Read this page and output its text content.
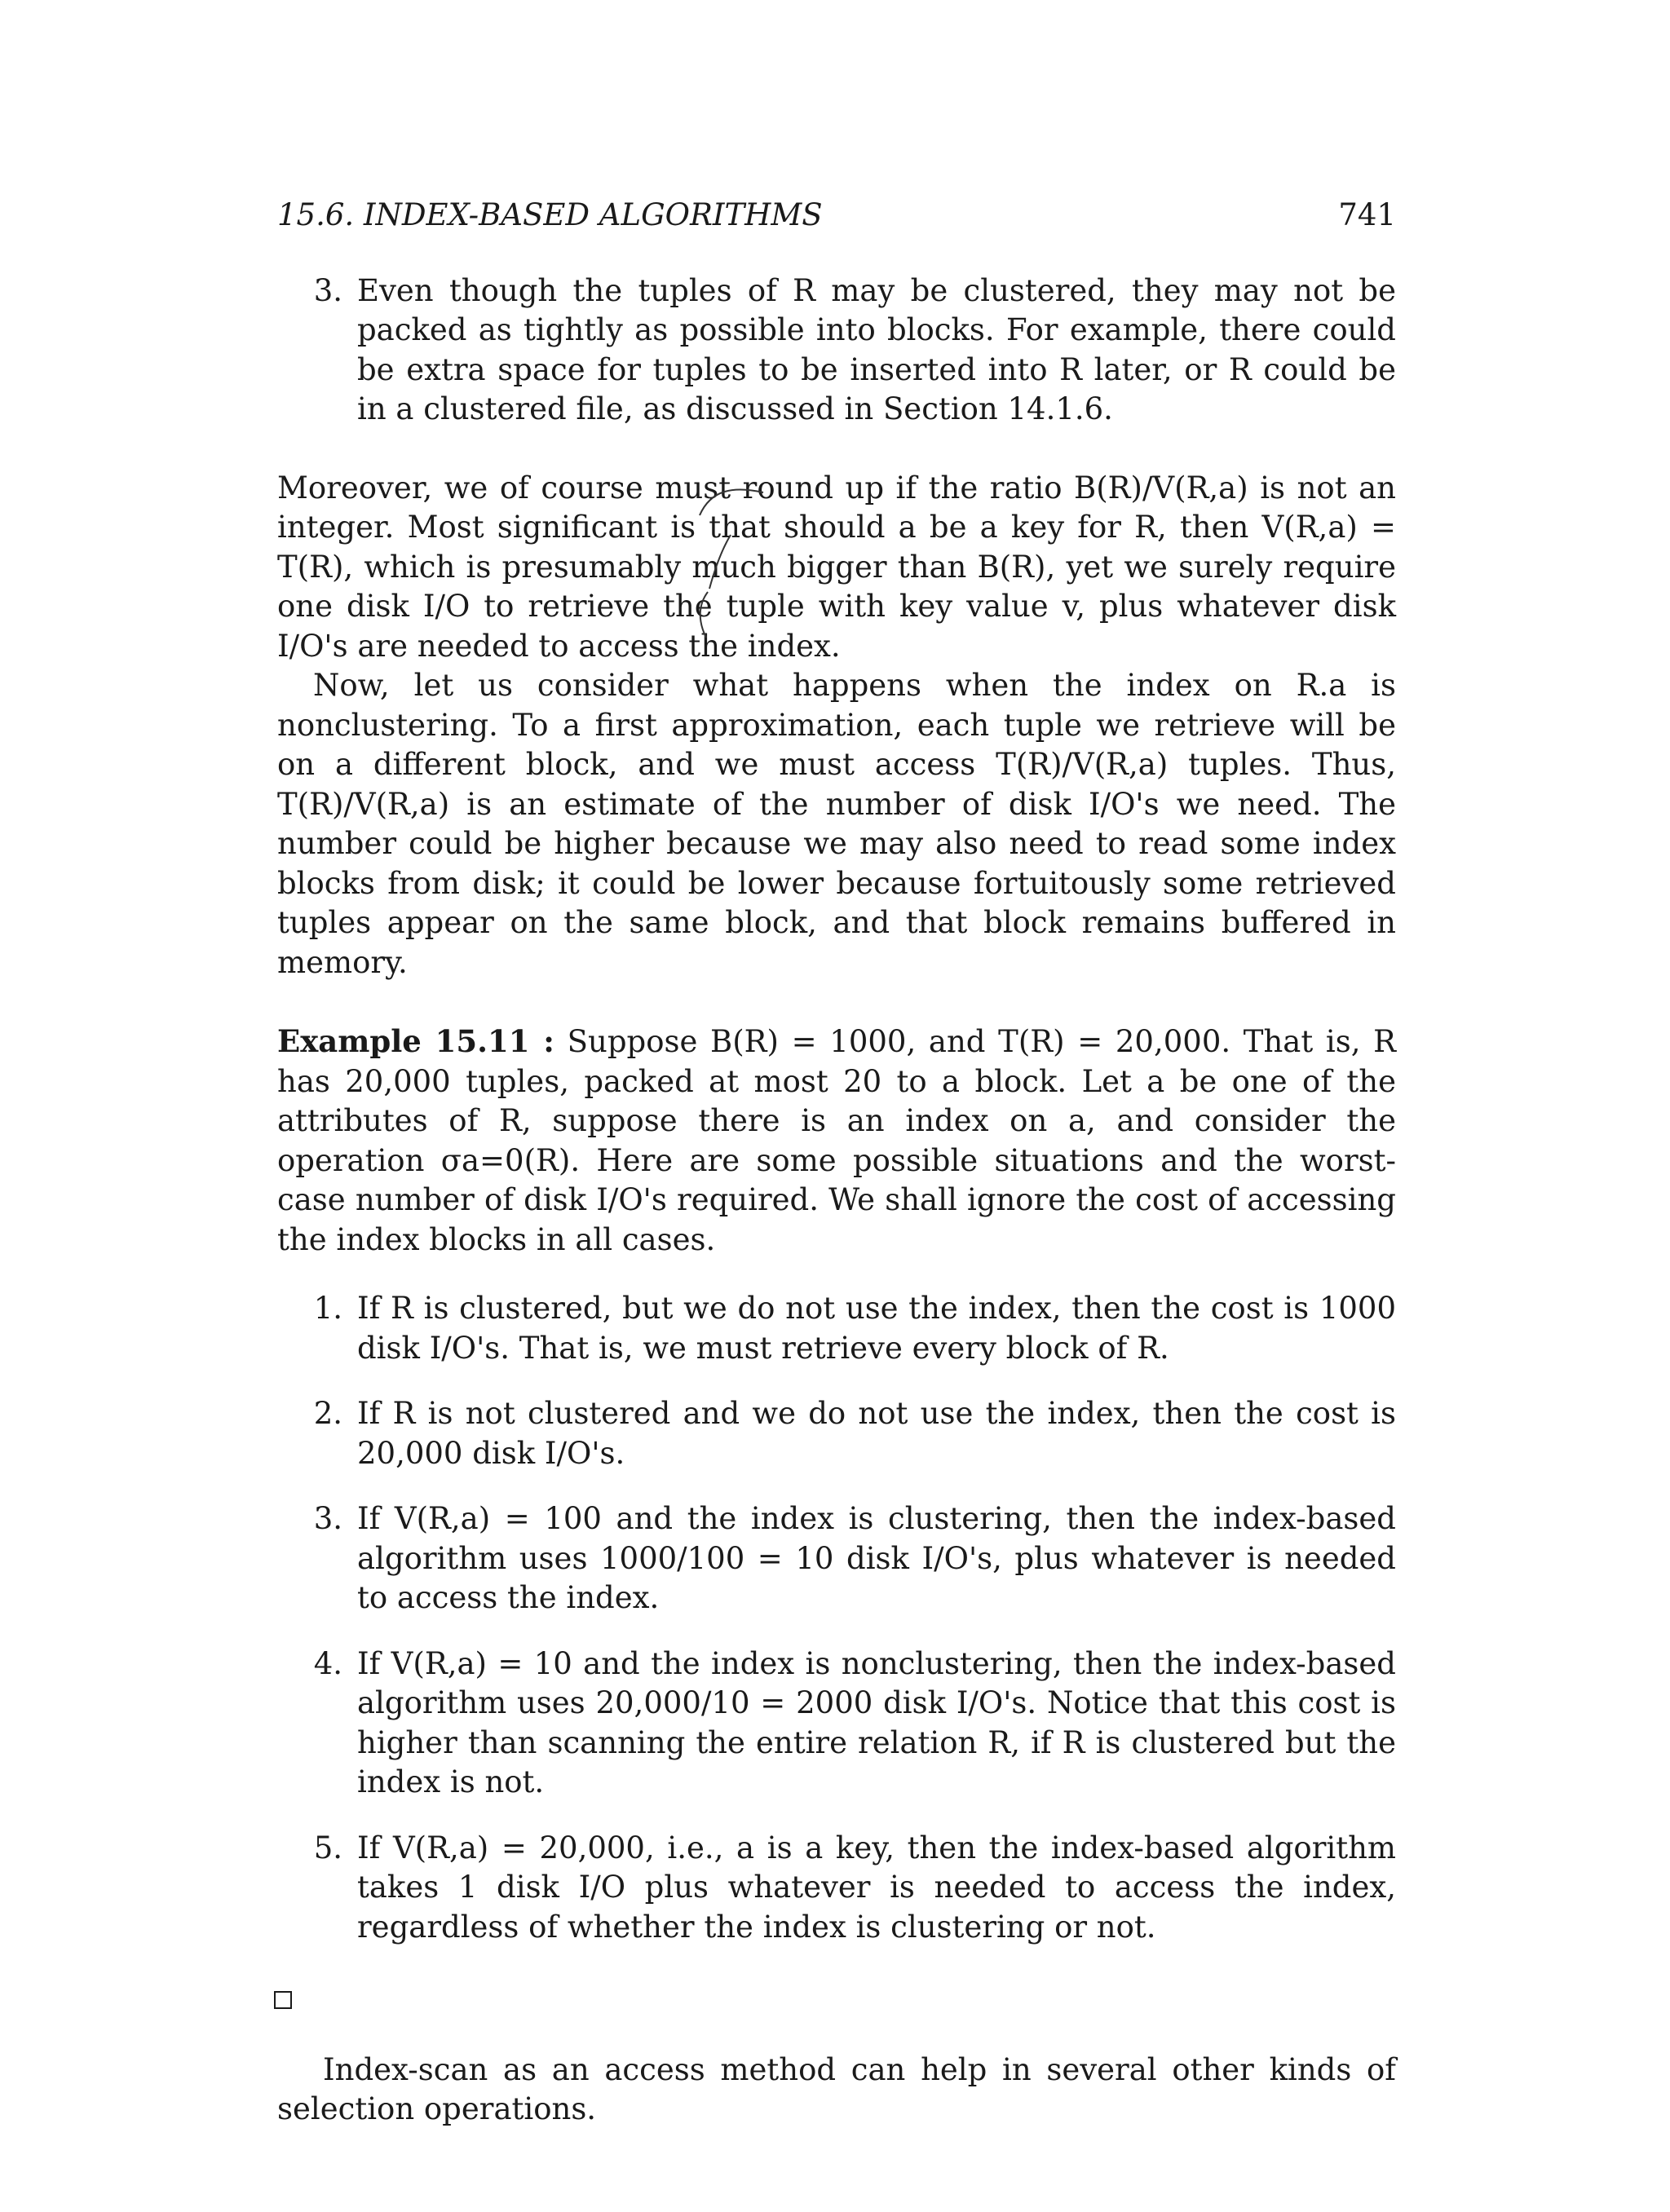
15.6. INDEX-BASED ALGORITHMS	741
3. Even though the tuples of R may be clustered, they may not be packed as tightly as possible into blocks. For example, there could be extra space for tuples to be inserted into R later, or R could be in a clustered file, as discussed in Section 14.1.6.

Moreover, we of course must round up if the ratio B(R)/V(R,a) is not an integer. Most significant is that should a be a key for R, then V(R,a) = T(R), which is presumably much bigger than B(R), yet we surely require one disk I/O to retrieve the tuple with key value v, plus whatever disk I/O's are needed to access the index.

Now, let us consider what happens when the index on R.a is nonclustering. To a first approximation, each tuple we retrieve will be on a different block, and we must access T(R)/V(R,a) tuples. Thus, T(R)/V(R,a) is an estimate of the number of disk I/O's we need. The number could be higher because we may also need to read some index blocks from disk; it could be lower because fortuitously some retrieved tuples appear on the same block, and that block remains buffered in memory.

Example 15.11 : Suppose B(R) = 1000, and T(R) = 20,000. That is, R has 20,000 tuples, packed at most 20 to a block. Let a be one of the attributes of R, suppose there is an index on a, and consider the operation σa=0(R). Here are some possible situations and the worst-case number of disk I/O's required. We shall ignore the cost of accessing the index blocks in all cases.

1. If R is clustered, but we do not use the index, then the cost is 1000 disk I/O's. That is, we must retrieve every block of R.
2. If R is not clustered and we do not use the index, then the cost is 20,000 disk I/O's.
3. If V(R,a) = 100 and the index is clustering, then the index-based algorithm uses 1000/100 = 10 disk I/O's, plus whatever is needed to access the index.
4. If V(R,a) = 10 and the index is nonclustering, then the index-based algorithm uses 20,000/10 = 2000 disk I/O's. Notice that this cost is higher than scanning the entire relation R, if R is clustered but the index is not.
5. If V(R,a) = 20,000, i.e., a is a key, then the index-based algorithm takes 1 disk I/O plus whatever is needed to access the index, regardless of whether the index is clustering or not.

Index-scan as an access method can help in several other kinds of selection operations.
